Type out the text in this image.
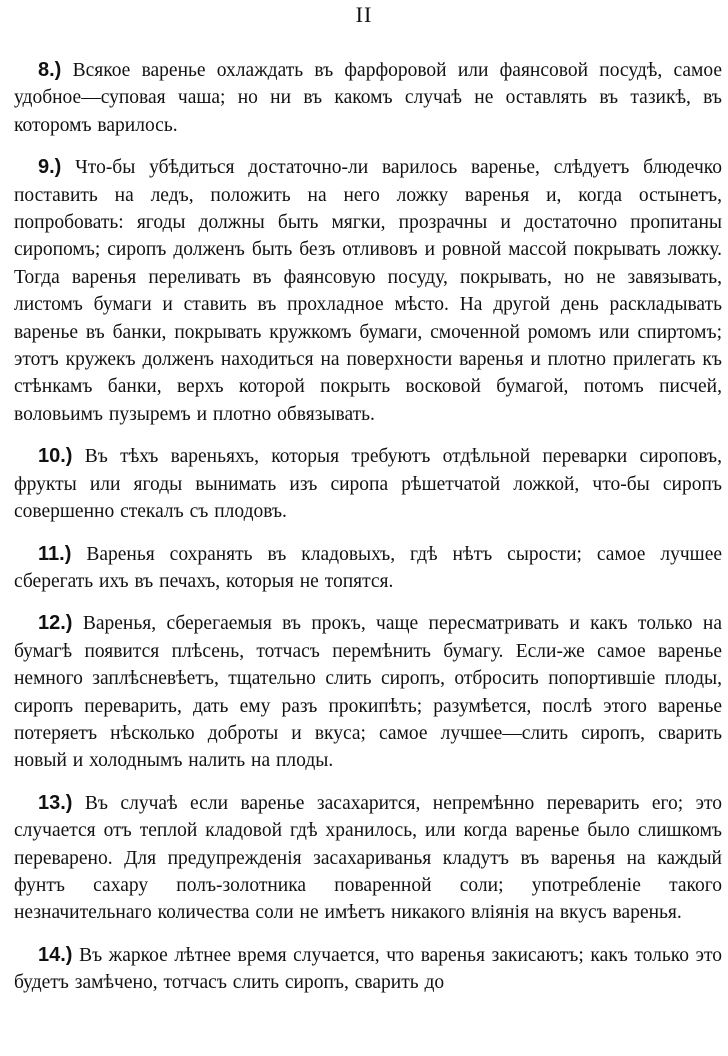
II

8.) Всякое варенье охлаждать въ фарфоровой или фаянсовой посудѣ, самое удобное—суповая чаша; но ни въ какомъ случаѣ не оставлять въ тазикѣ, въ которомъ варилось.

9.) Что-бы убѣдиться достаточно-ли варилось варенье, слѣдуетъ блюдечко поставить на ледъ, положить на него ложку варенья и, когда остынетъ, попробовать: ягоды должны быть мягки, прозрачны и достаточно пропитаны сиропомъ; сиропъ долженъ быть безъ отливовъ и ровной массой покрывать ложку. Тогда варенья переливать въ фаянсовую посуду, покрывать, но не завязывать, листомъ бумаги и ставить въ прохладное мѣсто. На другой день раскладывать варенье въ банки, покрывать кружкомъ бумаги, смоченной ромомъ или спиртомъ; этотъ кружекъ долженъ находиться на поверхности варенья и плотно прилегать къ стѣнкамъ банки, верхъ которой покрыть восковой бумагой, потомъ писчей, воловьимъ пузыремъ и плотно обвязывать.

10.) Въ тѣхъ вареньяхъ, которыя требуютъ отдѣльной переварки сироповъ, фрукты или ягоды вынимать изъ сиропа рѣшетчатой ложкой, что-бы сиропъ совершенно стекалъ съ плодовъ.

11.) Варенья сохранять въ кладовыхъ, гдѣ нѣтъ сырости; самое лучшее сберегать ихъ въ печахъ, которыя не топятся.

12.) Варенья, сберегаемыя въ прокъ, чаще пересматривать и какъ только на бумагѣ появится плѣсень, тотчасъ перемѣнить бумагу. Если-же самое варенье немного заплѣсневѣетъ, тщательно слить сиропъ, отбросить попортившіе плоды, сиропъ переварить, дать ему разъ прокипѣть; разумѣется, послѣ этого варенье потеряетъ нѣсколько доброты и вкуса; самое лучшее—слить сиропъ, сварить новый и холоднымъ налить на плоды.

13.) Въ случаѣ если варенье засахарится, непремѣнно переварить его; это случается отъ теплой кладовой гдѣ хранилось, или когда варенье было слишкомъ переварено. Для предупрежденія засахариванья кладутъ въ варенья на каждый фунтъ сахару полъ-золотника поваренной соли; употребленіе такого незначительнаго количества соли не имѣетъ никакого вліянія на вкусъ варенья.

14.) Въ жаркое лѣтнее время случается, что варенья закисаютъ; какъ только это будетъ замѣчено, тотчасъ слить сиропъ, сварить до
